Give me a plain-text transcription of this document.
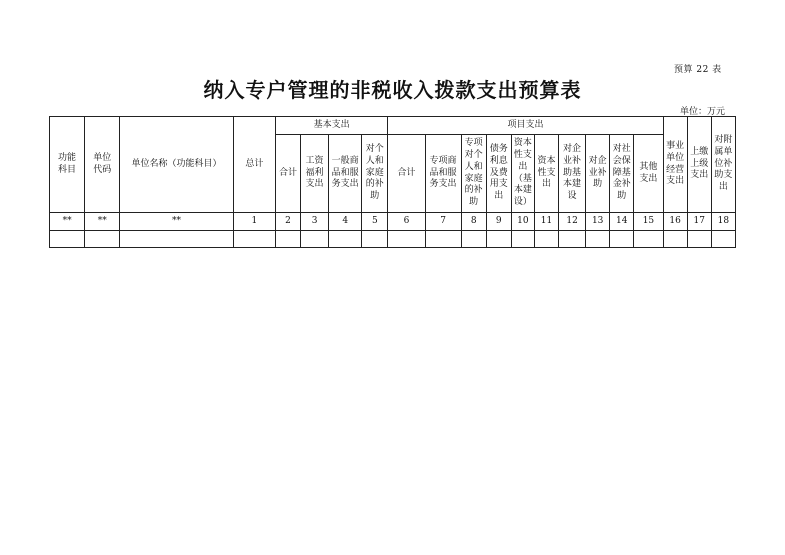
预算 22 表
纳入专户管理的非税收入拨款支出预算表
单位：万元
功能科目	单位代码	单位名称（功能科目）	总计	基本支出				项目支出										事业单位经营支出	上缴上级支出	对附属单位补助支出

				合计	工资福利支出	一般商品和服务支出	对个人和家庭的补助	合计	专项商品和服务支出	专项对个人和家庭的补助	债务利息及费用支出	资本性支出（基本建设）	资本性支出	对企业补助基本建设	对企业补助	对社会保障基金补助	其他支出			

**	**	**	1	2	3	4	5	6	7	8	9	10	11	12	13	14	15	16	17	18
